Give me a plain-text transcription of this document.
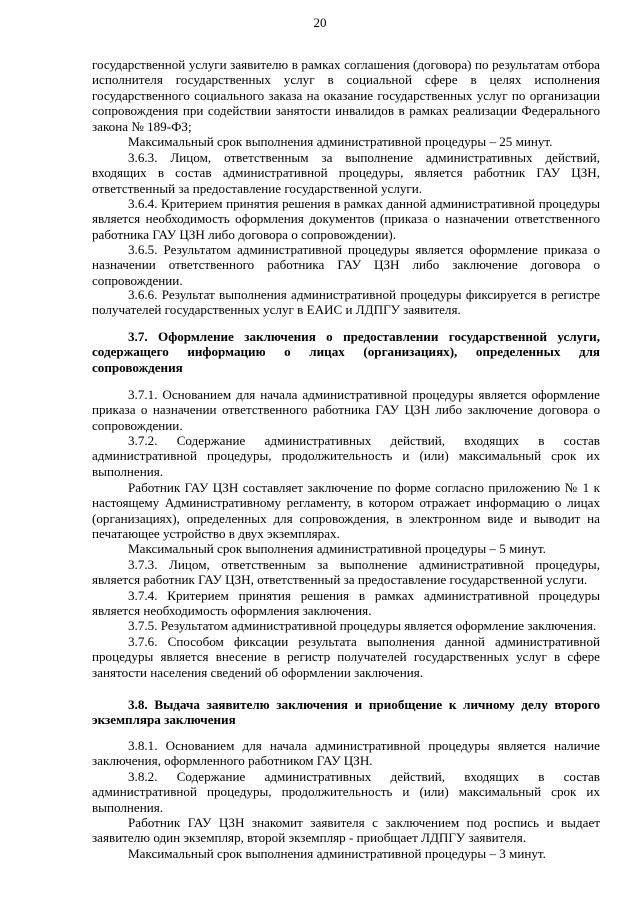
20

государственной услуги заявителю в рамках соглашения (договора) по результатам отбора исполнителя государственных услуг в социальной сфере в целях исполнения государственного социального заказа на оказание государственных услуг по организации сопровождения при содействии занятости инвалидов в рамках реализации Федерального закона № 189-ФЗ;

Максимальный срок выполнения административной процедуры – 25 минут.

3.6.3. Лицом, ответственным за выполнение административных действий, входящих в состав административной процедуры, является работник ГАУ ЦЗН, ответственный за предоставление государственной услуги.

3.6.4. Критерием принятия решения в рамках данной административной процедуры является необходимость оформления документов (приказа о назначении ответственного работника ГАУ ЦЗН либо договора о сопровождении).

3.6.5. Результатом административной процедуры является оформление приказа о назначении ответственного работника ГАУ ЦЗН либо заключение договора о сопровождении.

3.6.6. Результат выполнения административной процедуры фиксируется в регистре получателей государственных услуг в ЕАИС и ЛДПГУ заявителя.

3.7. Оформление заключения о предоставлении государственной услуги, содержащего информацию о лицах (организациях), определенных для сопровождения

3.7.1. Основанием для начала административной процедуры является оформление приказа о назначении ответственного работника ГАУ ЦЗН либо заключение договора о сопровождении.

3.7.2. Содержание административных действий, входящих в состав административной процедуры, продолжительность и (или) максимальный срок их выполнения.

Работник ГАУ ЦЗН составляет заключение по форме согласно приложению № 1 к настоящему Административному регламенту, в котором отражает информацию о лицах (организациях), определенных для сопровождения, в электронном виде и выводит на печатающее устройство в двух экземплярах.

Максимальный срок выполнения административной процедуры – 5 минут.

3.7.3. Лицом, ответственным за выполнение административной процедуры, является работник ГАУ ЦЗН, ответственный за предоставление государственной услуги.

3.7.4. Критерием принятия решения в рамках административной процедуры является необходимость оформления заключения.

3.7.5. Результатом административной процедуры является оформление заключения.

3.7.6. Способом фиксации результата выполнения данной административной процедуры является внесение в регистр получателей государственных услуг в сфере занятости населения сведений об оформлении заключения.

3.8. Выдача заявителю заключения и приобщение к личному делу второго экземпляра заключения

3.8.1. Основанием для начала административной процедуры является наличие заключения, оформленного работником ГАУ ЦЗН.

3.8.2. Содержание административных действий, входящих в состав административной процедуры, продолжительность и (или) максимальный срок их выполнения.

Работник ГАУ ЦЗН знакомит заявителя с заключением под роспись и выдает заявителю один экземпляр, второй экземпляр - приобщает ЛДПГУ заявителя.

Максимальный срок выполнения административной процедуры – 3 минут.
